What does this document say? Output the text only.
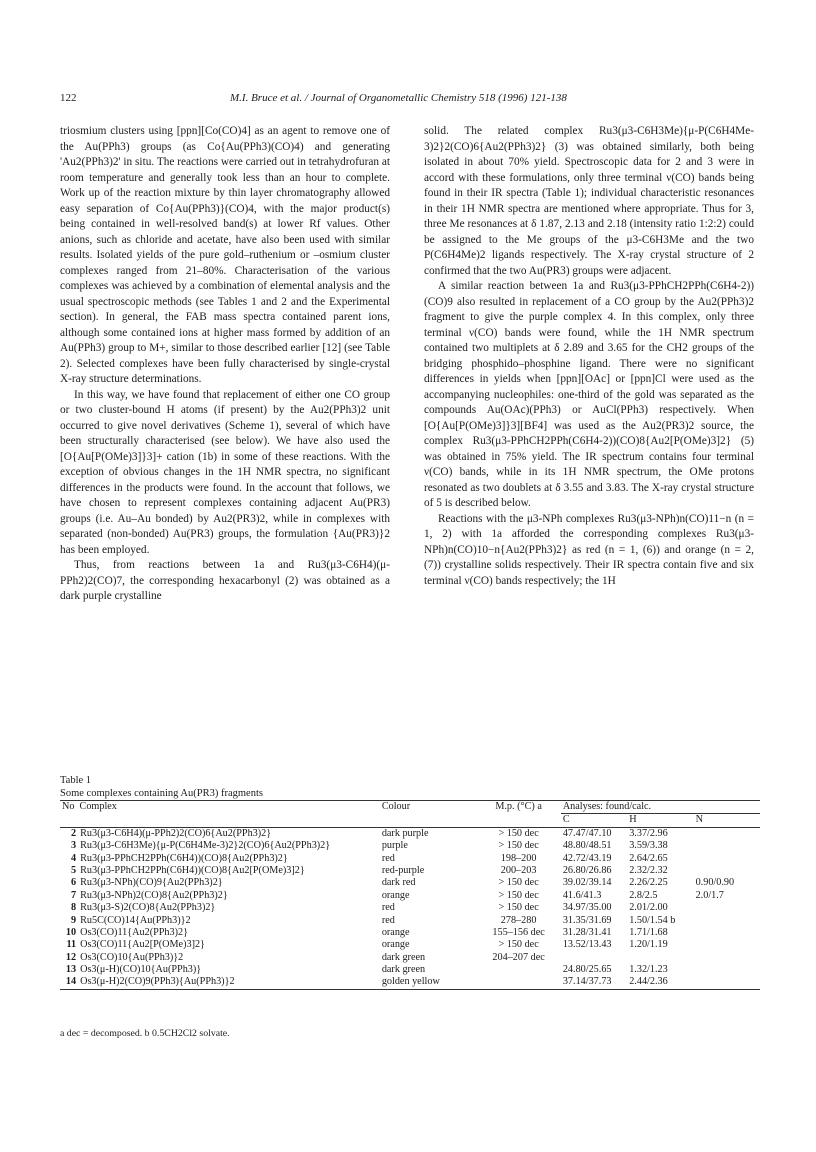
122	M.I. Bruce et al. / Journal of Organometallic Chemistry 518 (1996) 121-138

triosmium clusters using [ppn][Co(CO)4] as an agent to remove one of the Au(PPh3) groups (as Co{Au(PPh3)(CO)4) and generating 'Au2(PPh3)2' in situ. The reactions were carried out in tetrahydrofuran at room temperature and generally took less than an hour to complete. Work up of the reaction mixture by thin layer chromatography allowed easy separation of Co{Au(PPh3)}(CO)4, with the major product(s) being contained in well-resolved band(s) at lower Rf values. Other anions, such as chloride and acetate, have also been used with similar results. Isolated yields of the pure gold–ruthenium or –osmium cluster complexes ranged from 21–80%. Characterisation of the various complexes was achieved by a combination of elemental analysis and the usual spectroscopic methods (see Tables 1 and 2 and the Experimental section). In general, the FAB mass spectra contained parent ions, although some contained ions at higher mass formed by addition of an Au(PPh3) group to M+, similar to those described earlier [12] (see Table 2). Selected complexes have been fully characterised by single-crystal X-ray structure determinations.

In this way, we have found that replacement of either one CO group or two cluster-bound H atoms (if present) by the Au2(PPh3)2 unit occurred to give novel derivatives (Scheme 1), several of which have been structurally characterised (see below). We have also used the [O{Au[P(OMe)3]}3]+ cation (1b) in some of these reactions. With the exception of obvious changes in the 1H NMR spectra, no significant differences in the products were found. In the account that follows, we have chosen to represent complexes containing adjacent Au(PR3) groups (i.e. Au–Au bonded) by Au2(PR3)2, while in complexes with separated (non-bonded) Au(PR3) groups, the formulation {Au(PR3)}2 has been employed.

Thus, from reactions between 1a and Ru3(μ3-C6H4)(μ-PPh2)2(CO)7, the corresponding hexacarbonyl (2) was obtained as a dark purple crystalline

solid. The related complex Ru3(μ3-C6H3Me){μ-P(C6H4Me-3)2}2(CO)6{Au2(PPh3)2} (3) was obtained similarly, both being isolated in about 70% yield. Spectroscopic data for 2 and 3 were in accord with these formulations, only three terminal ν(CO) bands being found in their IR spectra (Table 1); individual characteristic resonances in their 1H NMR spectra are mentioned where appropriate. Thus for 3, three Me resonances at δ 1.87, 2.13 and 2.18 (intensity ratio 1:2:2) could be assigned to the Me groups of the μ3-C6H3Me and the two P(C6H4Me)2 ligands respectively. The X-ray crystal structure of 2 confirmed that the two Au(PR3) groups were adjacent.

A similar reaction between 1a and Ru3(μ3-PPhCH2PPh(C6H4-2))(CO)9 also resulted in replacement of a CO group by the Au2(PPh3)2 fragment to give the purple complex 4. In this complex, only three terminal ν(CO) bands were found, while the 1H NMR spectrum contained two multiplets at δ 2.89 and 3.65 for the CH2 groups of the bridging phosphido–phosphine ligand. There were no significant differences in yields when [ppn][OAc] or [ppn]Cl were used as the accompanying nucleophiles: one-third of the gold was separated as the compounds Au(OAc)(PPh3) or AuCl(PPh3) respectively. When [O{Au[P(OMe)3]}3][BF4] was used as the Au2(PR3)2 source, the complex Ru3(μ3-PPhCH2PPh(C6H4-2))(CO)8{Au2[P(OMe)3]2} (5) was obtained in 75% yield. The IR spectrum contains four terminal ν(CO) bands, while in its 1H NMR spectrum, the OMe protons resonated as two doublets at δ 3.55 and 3.83. The X-ray crystal structure of 5 is described below.

Reactions with the μ3-NPh complexes Ru3(μ3-NPh)n(CO)11−n (n = 1, 2) with 1a afforded the corresponding complexes Ru3(μ3-NPh)n(CO)10−n{Au2(PPh3)2} as red (n = 1, (6)) and orange (n = 2, (7)) crystalline solids respectively. Their IR spectra contain five and six terminal ν(CO) bands respectively; the 1H

Table 1
Some complexes containing Au(PR3) fragments
No Complex		Colour	M.p. (°C) a	Analyses: found/calc.		
				C	H	N
2	Ru3(μ3-C6H4)(μ-PPh2)2(CO)6{Au2(PPh3)2}	dark purple	> 150 dec	47.47/47.10	3.37/2.96	
3	Ru3(μ3-C6H3Me){μ-P(C6H4Me-3)2}2(CO)6{Au2(PPh3)2}	purple	> 150 dec	48.80/48.51	3.59/3.38	
4	Ru3(μ3-PPhCH2PPh(C6H4))(CO)8{Au2(PPh3)2}	red	198–200	42.72/43.19	2.64/2.65	
5	Ru3(μ3-PPhCH2PPh(C6H4))(CO)8{Au2[P(OMe)3]2}	red-purple	200–203	26.80/26.86	2.32/2.32	
6	Ru3(μ3-NPh)(CO)9{Au2(PPh3)2}	dark red	> 150 dec	39.02/39.14	2.26/2.25	0.90/0.90
7	Ru3(μ3-NPh)2(CO)8{Au2(PPh3)2}	orange	> 150 dec	41.6/41.3	2.8/2.5	2.0/1.7
8	Ru3(μ3-S)2(CO)8{Au2(PPh3)2}	red	> 150 dec	34.97/35.00	2.01/2.00	
9	Ru5C(CO)14{Au(PPh3)}2	red	278–280	31.35/31.69	1.50/1.54 b	
10	Os3(CO)11{Au2(PPh3)2}	orange	155–156 dec	31.28/31.41	1.71/1.68	
11	Os3(CO)11{Au2[P(OMe)3]2}	orange	> 150 dec	13.52/13.43	1.20/1.19	
12	Os3(CO)10{Au(PPh3)}2	dark green	204–207 dec			
13	Os3(μ-H)(CO)10{Au(PPh3)}	dark green		24.80/25.65	1.32/1.23	
14	Os3(μ-H)2(CO)9(PPh3){Au(PPh3)}2	golden yellow		37.14/37.73	2.44/2.36	
a dec = decomposed. b 0.5CH2Cl2 solvate.
